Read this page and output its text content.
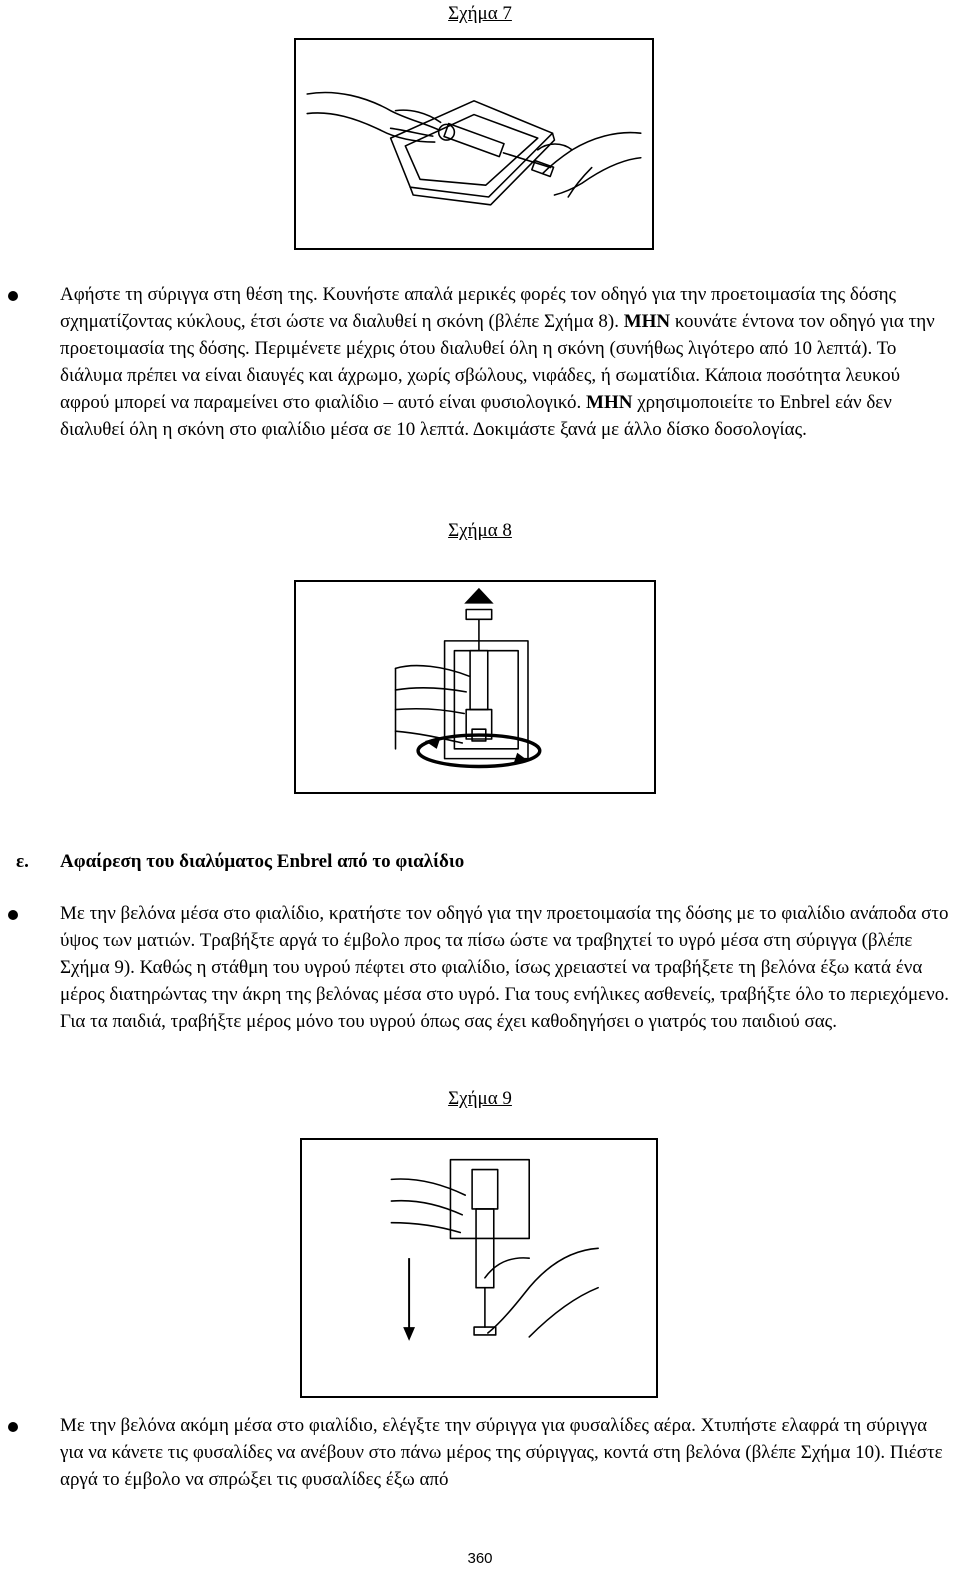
Σχήμα 7

Αφήστε τη σύριγγα στη θέση της. Κουνήστε απαλά μερικές φορές τον οδηγό για την προετοιμασία της δόσης σχηματίζοντας κύκλους, έτσι ώστε να διαλυθεί η σκόνη (βλέπε Σχήμα 8). ΜΗΝ κουνάτε έντονα τον οδηγό για την προετοιμασία της δόσης. Περιμένετε μέχρις ότου διαλυθεί όλη η σκόνη (συνήθως λιγότερο από 10 λεπτά). Το διάλυμα πρέπει να είναι διαυγές και άχρωμο, χωρίς σβώλους, νιφάδες, ή σωματίδια. Κάποια ποσότητα λευκού αφρού μπορεί να παραμείνει στο φιαλίδιο – αυτό είναι φυσιολογικό. ΜΗΝ χρησιμοποιείτε το Enbrel εάν δεν διαλυθεί όλη η σκόνη στο φιαλίδιο μέσα σε 10 λεπτά. Δοκιμάστε ξανά με άλλο δίσκο δοσολογίας.

Σχήμα 8
ε. Αφαίρεση του διαλύματος Enbrel από το φιαλίδιο

Με την βελόνα μέσα στο φιαλίδιο, κρατήστε τον οδηγό για την προετοιμασία της δόσης με το φιαλίδιο ανάποδα στο ύψος των ματιών. Τραβήξτε αργά το έμβολο προς τα πίσω ώστε να τραβηχτεί το υγρό μέσα στη σύριγγα (βλέπε Σχήμα 9). Καθώς η στάθμη του υγρού πέφτει στο φιαλίδιο, ίσως χρειαστεί να τραβήξετε τη βελόνα έξω κατά ένα μέρος διατηρώντας την άκρη της βελόνας μέσα στο υγρό. Για τους ενήλικες ασθενείς, τραβήξτε όλο το περιεχόμενο. Για τα παιδιά, τραβήξτε μέρος μόνο του υγρού όπως σας έχει καθοδηγήσει ο γιατρός του παιδιού σας.

Σχήμα 9

Με την βελόνα ακόμη μέσα στο φιαλίδιο, ελέγξτε την σύριγγα για φυσαλίδες αέρα. Χτυπήστε ελαφρά τη σύριγγα για να κάνετε τις φυσαλίδες να ανέβουν στο πάνω μέρος της σύριγγας, κοντά στη βελόνα (βλέπε Σχήμα 10). Πιέστε αργά το έμβολο να σπρώξει τις φυσαλίδες έξω από

360
